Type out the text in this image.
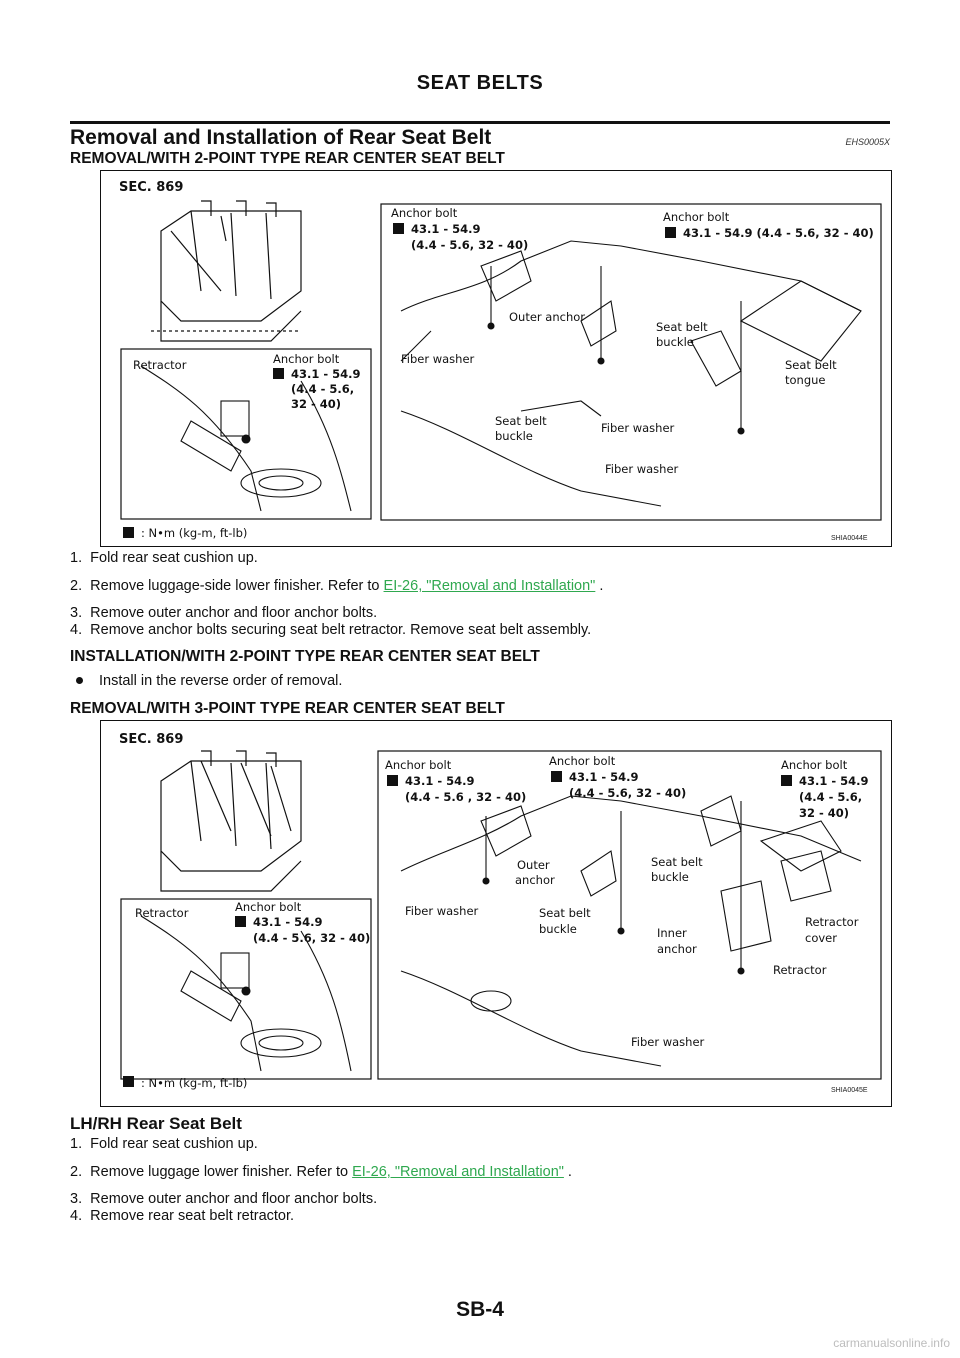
SEAT BELTS
Removal and Installation of Rear Seat Belt	EHS0005X
REMOVAL/WITH 2-POINT TYPE REAR CENTER SEAT BELT
SEC. 869
Retractor	Anchor bolt
43.1 - 54.9
(4.4 - 5.6,
32 - 40)
Anchor bolt
43.1 - 54.9
(4.4 - 5.6, 32 - 40)
Anchor bolt
43.1 - 54.9 (4.4 - 5.6, 32 - 40)
Outer anchor
Seat belt
buckle
Fiber washer	Seat belt
tongue
Seat belt
buckle
Fiber washer
Fiber washer
: N•m (kg-m, ft-lb)	SHIA0044E
1. Fold rear seat cushion up.
2. Remove luggage-side lower finisher. Refer to EI-26, "Removal and Installation" .
3. Remove outer anchor and floor anchor bolts.
4. Remove anchor bolts securing seat belt retractor. Remove seat belt assembly.
INSTALLATION/WITH 2-POINT TYPE REAR CENTER SEAT BELT
Install in the reverse order of removal.
REMOVAL/WITH 3-POINT TYPE REAR CENTER SEAT BELT
SEC. 869
Retractor	Anchor bolt
43.1 - 54.9
(4.4 - 5.6, 32 - 40)
Anchor bolt
43.1 - 54.9
(4.4 - 5.6 , 32 - 40)
Anchor bolt
43.1 - 54.9
(4.4 - 5.6, 32 - 40)
Anchor bolt
43.1 - 54.9
(4.4 - 5.6,
32 - 40)
Outer
anchor
Seat belt
buckle
Fiber washer	Seat belt
buckle	Inner
anchor
Retractor
cover
Retractor
Fiber washer
: N•m (kg-m, ft-lb)
SHIA0045E
LH/RH Rear Seat Belt
1. Fold rear seat cushion up.
2. Remove luggage lower finisher. Refer to EI-26, "Removal and Installation" .
3. Remove outer anchor and floor anchor bolts.
4. Remove rear seat belt retractor.
SB-4
carmanualsonline.info
